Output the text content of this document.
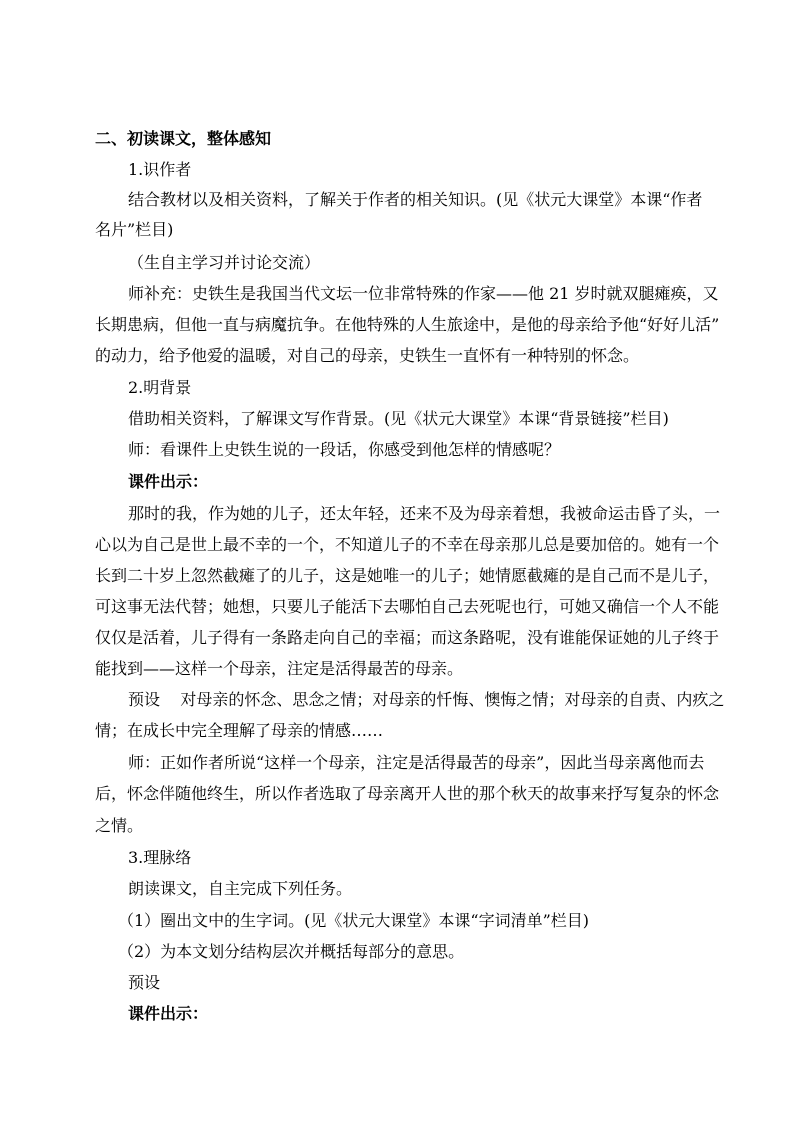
二、初读课文，整体感知
1.识作者
结合教材以及相关资料，了解关于作者的相关知识。(见《状元大课堂》本课“作者
名片”栏目)
（生自主学习并讨论交流）
师补充：史铁生是我国当代文坛一位非常特殊的作家——他 21 岁时就双腿瘫痪，又
长期患病，但他一直与病魔抗争。在他特殊的人生旅途中，是他的母亲给予他“好好儿活”
的动力，给予他爱的温暖，对自己的母亲，史铁生一直怀有一种特别的怀念。
2.明背景
借助相关资料，了解课文写作背景。(见《状元大课堂》本课“背景链接”栏目)
师：看课件上史铁生说的一段话，你感受到他怎样的情感呢？
课件出示：
那时的我，作为她的儿子，还太年轻，还来不及为母亲着想，我被命运击昏了头，一
心以为自己是世上最不幸的一个，不知道儿子的不幸在母亲那儿总是要加倍的。她有一个
长到二十岁上忽然截瘫了的儿子，这是她唯一的儿子；她情愿截瘫的是自己而不是儿子，
可这事无法代替；她想，只要儿子能活下去哪怕自己去死呢也行，可她又确信一个人不能
仅仅是活着，儿子得有一条路走向自己的幸福；而这条路呢，没有谁能保证她的儿子终于
能找到——这样一个母亲，注定是活得最苦的母亲。
预设    对母亲的怀念、思念之情；对母亲的忏悔、懊悔之情；对母亲的自责、内疚之
情；在成长中完全理解了母亲的情感……
师：正如作者所说“这样一个母亲，注定是活得最苦的母亲”，因此当母亲离他而去
后，怀念伴随他终生，所以作者选取了母亲离开人世的那个秋天的故事来抒写复杂的怀念
之情。
3.理脉络
朗读课文，自主完成下列任务。
（1）圈出文中的生字词。(见《状元大课堂》本课“字词清单”栏目)
（2）为本文划分结构层次并概括每部分的意思。
预设
课件出示：
